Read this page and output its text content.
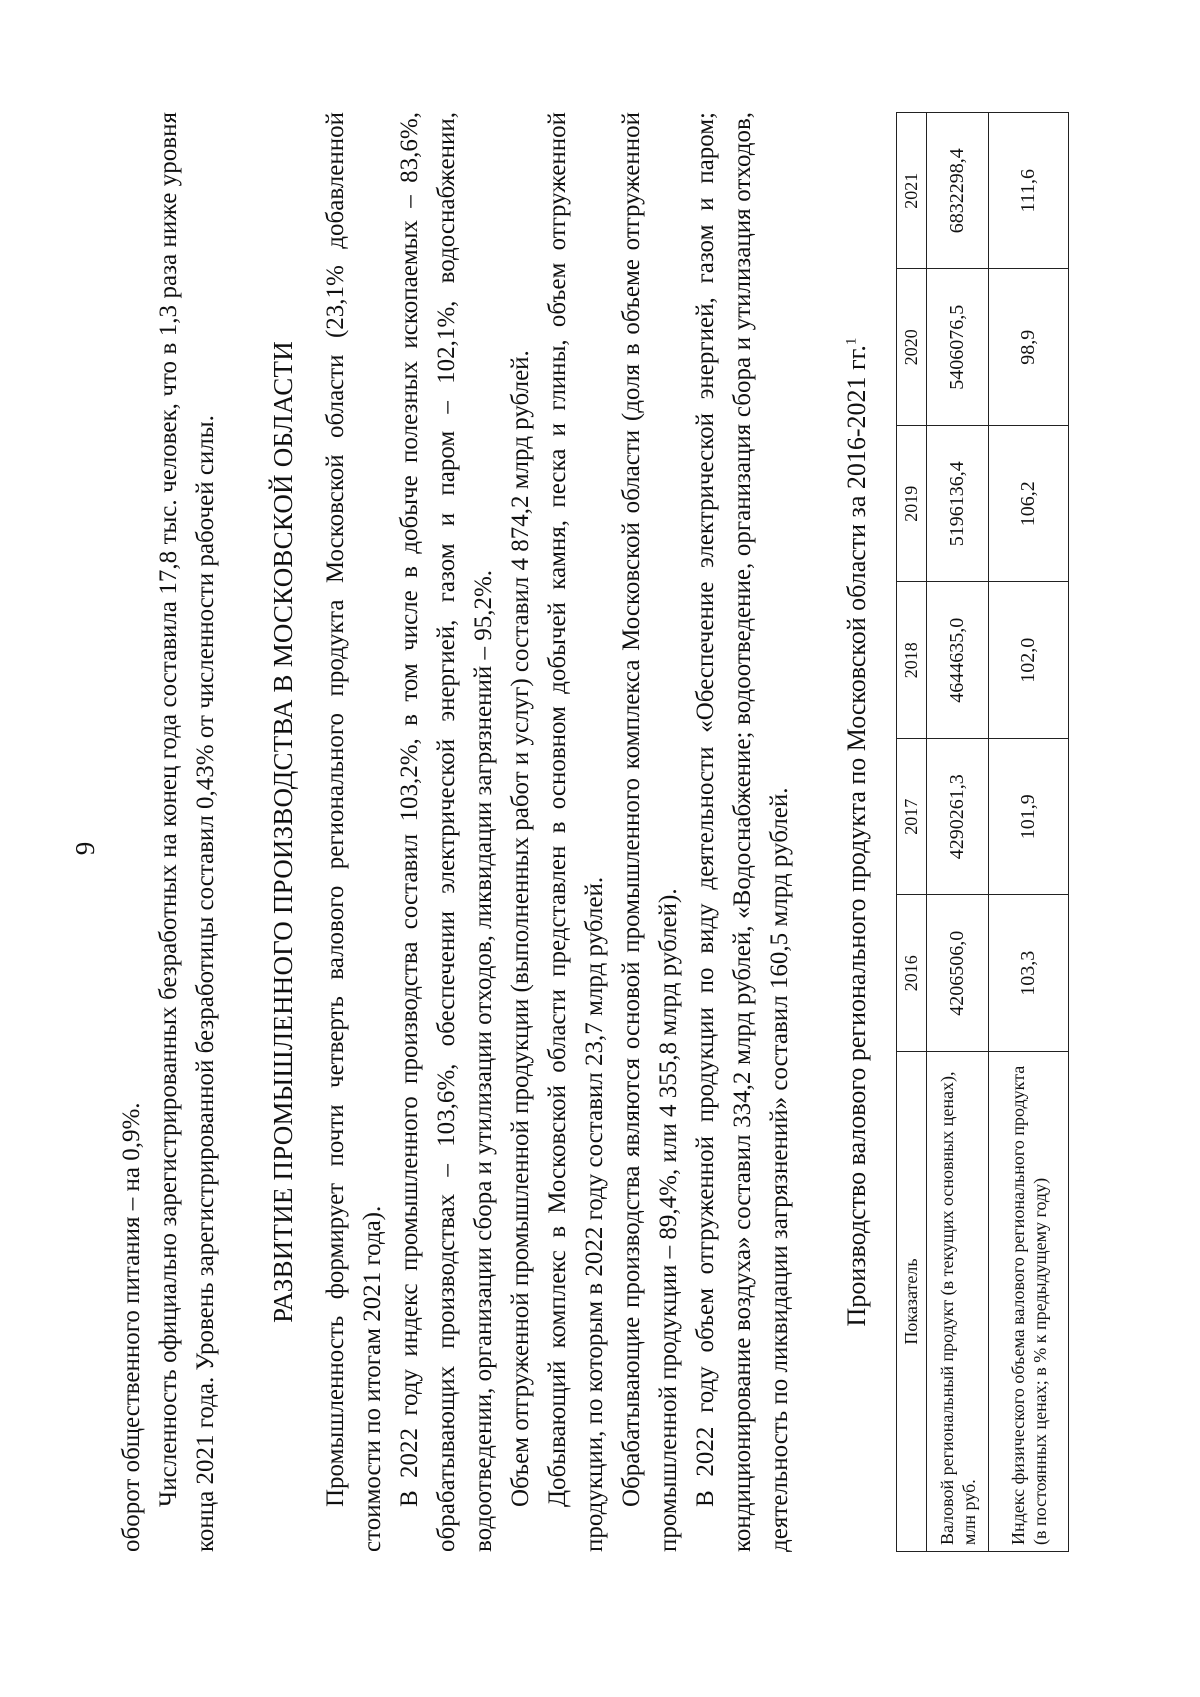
9

оборот общественного питания – на 0,9%. Численность официально зарегистрированных безработных на конец года составила 17,8 тыс. человек, что в 1,3 раза ниже уровня конца 2021 года. Уровень зарегистрированной безработицы составил 0,43% от численности рабочей силы. РАЗВИТИЕ ПРОМЫШЛЕННОГО ПРОИЗВОДСТВА В МОСКОВСКОЙ ОБЛАСТИ Промышленность формирует почти четверть валового регионального продукта Московской области (23,1% добавленной стоимости по итогам 2021 года). В 2022 году индекс промышленного производства составил 103,2%, в том числе в добыче полезных ископаемых – 83,6%, обрабатывающих производствах – 103,6%, обеспечении электрической энергией, газом и паром – 102,1%, водоснабжении, водоотведении, организации сбора и утилизации отходов, ликвидации загрязнений – 95,2%. Объем отгруженной промышленной продукции (выполненных работ и услуг) составил 4 874,2 млрд рублей. Добывающий комплекс в Московской области представлен в основном добычей камня, песка и глины, объем отгруженной продукции, по которым в 2022 году составил 23,7 млрд рублей. Обрабатывающие производства являются основой промышленного комплекса Московской области (доля в объеме отгруженной промышленной продукции – 89,4%, или 4 355,8 млрд рублей). В 2022 году объем отгруженной продукции по виду деятельности «Обеспечение электрической энергией, газом и паром; кондиционирование воздуха» составил 334,2 млрд рублей, «Водоснабжение; водоотведение, организация сбора и утилизация отходов, деятельность по ликвидации загрязнений» составил 160,5 млрд рублей. Производство валового регионального продукта по Московской области за 2016-2021 гг.$^1$
Показатель	2016	2017	2018	2019	2020	2021
Валовой региональный продукт (в текущих основных ценах), млн руб.	4206506,0	4290261,3	4644635,0	5196136,4	5406076,5	6832298,4
Индекс физического объема валового регионального продукта (в постоянных ценах; в % к предыдущему году)	103,3	101,9	102,0	106,2	98,9	111,6
